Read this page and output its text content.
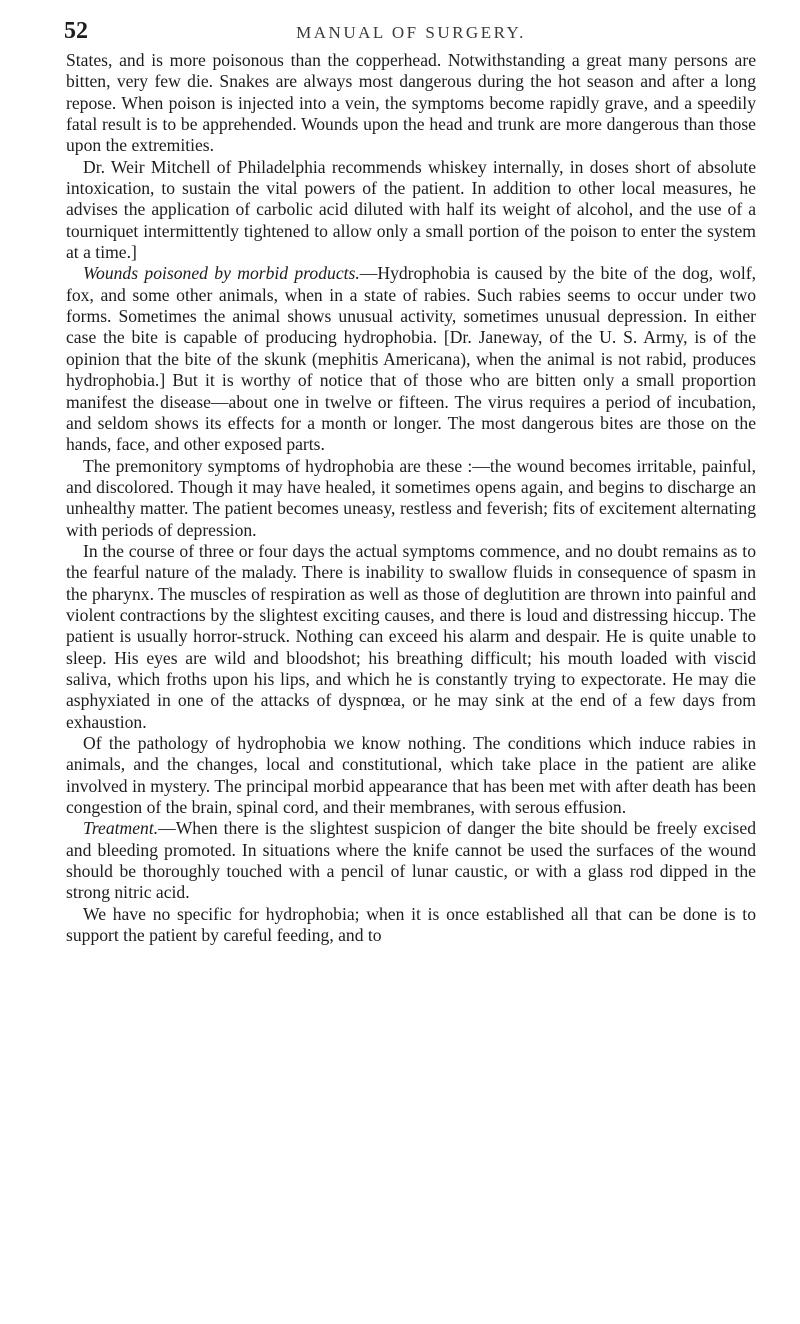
52	MANUAL OF SURGERY.

States, and is more poisonous than the copperhead. Notwithstanding a great many persons are bitten, very few die. Snakes are always most dangerous during the hot season and after a long repose. When poison is injected into a vein, the symptoms become rapidly grave, and a speedily fatal result is to be apprehended. Wounds upon the head and trunk are more dangerous than those upon the extremities.

Dr. Weir Mitchell of Philadelphia recommends whiskey internally, in doses short of absolute intoxication, to sustain the vital powers of the patient. In addition to other local measures, he advises the application of carbolic acid diluted with half its weight of alcohol, and the use of a tourniquet intermittently tightened to allow only a small portion of the poison to enter the system at a time.]

Wounds poisoned by morbid products.—Hydrophobia is caused by the bite of the dog, wolf, fox, and some other animals, when in a state of rabies. Such rabies seems to occur under two forms. Sometimes the animal shows unusual activity, sometimes unusual depression. In either case the bite is capable of producing hydrophobia. [Dr. Janeway, of the U. S. Army, is of the opinion that the bite of the skunk (mephitis Americana), when the animal is not rabid, produces hydrophobia.] But it is worthy of notice that of those who are bitten only a small proportion manifest the disease—about one in twelve or fifteen. The virus requires a period of incubation, and seldom shows its effects for a month or longer. The most dangerous bites are those on the hands, face, and other exposed parts.

The premonitory symptoms of hydrophobia are these :—the wound becomes irritable, painful, and discolored. Though it may have healed, it sometimes opens again, and begins to discharge an unhealthy matter. The patient becomes uneasy, restless and feverish; fits of excitement alternating with periods of depression.

In the course of three or four days the actual symptoms commence, and no doubt remains as to the fearful nature of the malady. There is inability to swallow fluids in consequence of spasm in the pharynx. The muscles of respiration as well as those of deglutition are thrown into painful and violent contractions by the slightest exciting causes, and there is loud and distressing hiccup. The patient is usually horror-struck. Nothing can exceed his alarm and despair. He is quite unable to sleep. His eyes are wild and bloodshot; his breathing difficult; his mouth loaded with viscid saliva, which froths upon his lips, and which he is constantly trying to expectorate. He may die asphyxiated in one of the attacks of dyspnœa, or he may sink at the end of a few days from exhaustion.

Of the pathology of hydrophobia we know nothing. The conditions which induce rabies in animals, and the changes, local and constitutional, which take place in the patient are alike involved in mystery. The principal morbid appearance that has been met with after death has been congestion of the brain, spinal cord, and their membranes, with serous effusion.

Treatment.—When there is the slightest suspicion of danger the bite should be freely excised and bleeding promoted. In situations where the knife cannot be used the surfaces of the wound should be thoroughly touched with a pencil of lunar caustic, or with a glass rod dipped in the strong nitric acid.

We have no specific for hydrophobia; when it is once established all that can be done is to support the patient by careful feeding, and to
